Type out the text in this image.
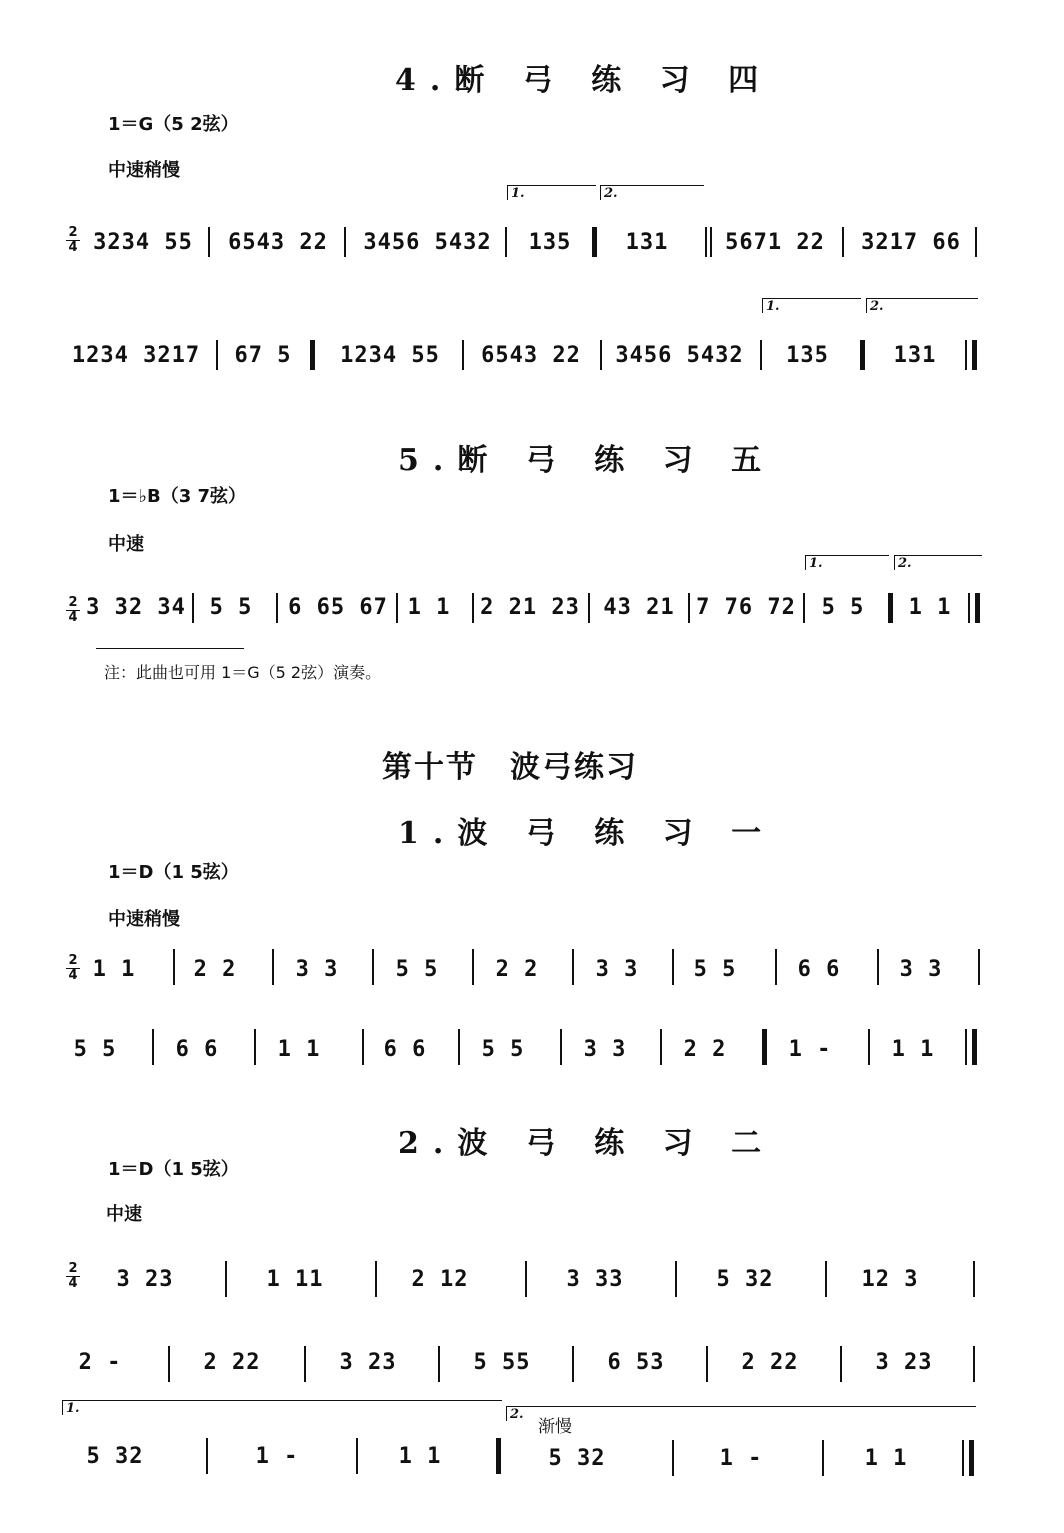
4.断 弓 练 习 四
1＝G（5 2弦）
中速稍慢
2
4 3234 55 6543 22 3456 5432
1.
135
2.
131	5671 22 3217 66
1234 3217 67 5	1234 55	6543 22 3456 5432
1.
135
2.
131
5.断 弓 练 习 五
1＝♭B（3 7弦）
中速
2
4 3 32 34	5 5	6 65 67 1 1 2 21 23	43 21 7 76 72
1.
5 5
2.
1 1
注：此曲也可用 1＝G（5 2弦）演奏。
第十节　波弓练习
1.波 弓 练 习 一
1＝D（1 5弦）
中速稍慢
2
4 1 1	2 2	3 3	5 5	2 2	3 3	5 5	6 6	3 3
5 5	6 6	1 1	6 6	5 5	3 3	2 2	1 -	1 1
2.波 弓 练 习 二
1＝D（1 5弦）
中速
2
4	3 23	1 11	2 12	3 33	5 32	12 3
2 -	2 22	3 23	5 55	6 53	2 22	3 23
1.
5 32	1 -	1 1
2.
渐慢
5 32	1 -	1 1
